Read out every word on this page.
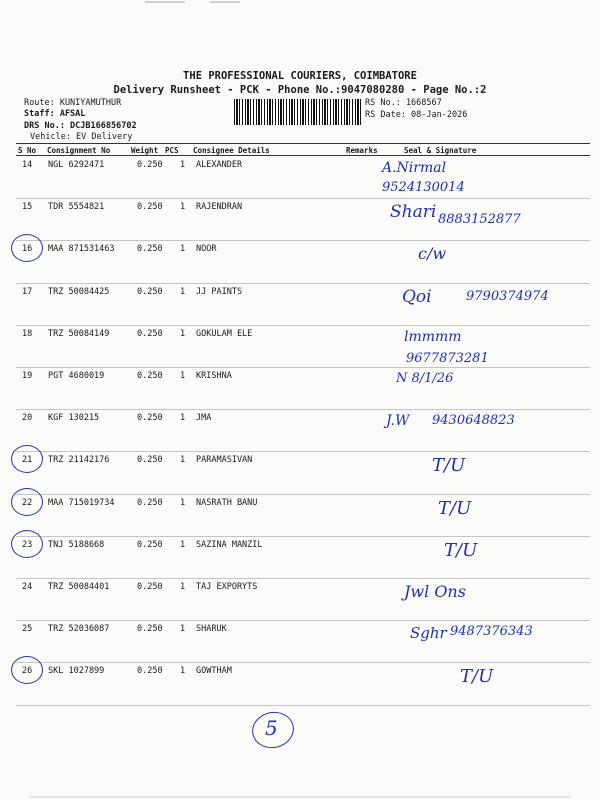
THE PROFESSIONAL COURIERS, COIMBATORE
Delivery Runsheet - PCK - Phone No.:9047080280 - Page No.:2
Route: KUNIYAMUTHUR
Staff: AFSAL
DRS No.: DCJB166856702
Vehicle: EV Delivery
RS No.: 1668567
RS Date: 08-Jan-2026
S No Consignment No	Weight PCS Consignee Details	Remarks	Seal & Signature
14 NGL 6292471	0.250 1 ALEXANDER	A.Nirmal
9524130014
15 TDR 5554821	0.250 1 RAJENDRAN	Shari 8883152877
16 MAA 871531463	0.250 1 NOOR	c/w
17 TRZ 50084425	0.250 1 JJ PAINTS	Qoi	9790374974
18 TRZ 50084149	0.250 1 GOKULAM ELE	lmmmm
9677873281
19 PGT 4680019	0.250 1 KRISHNA	N 8/1/26
20 KGF 130215	0.250 1 JMA	J.W 9430648823
21 TRZ 21142176	0.250 1 PARAMASIVAN	T/U
22 MAA 715019734	0.250 1 NASRATH BANU	T/U
23 TNJ 5188668	0.250 1 SAZINA MANZIL	T/U
24 TRZ 50084401	0.250 1 TAJ EXPORYTS	Jwl Ons
25 TRZ 52036087	0.250 1 SHARUK	Sghr 9487376343
26 SKL 1027899	0.250 1 GOWTHAM	T/U
5
